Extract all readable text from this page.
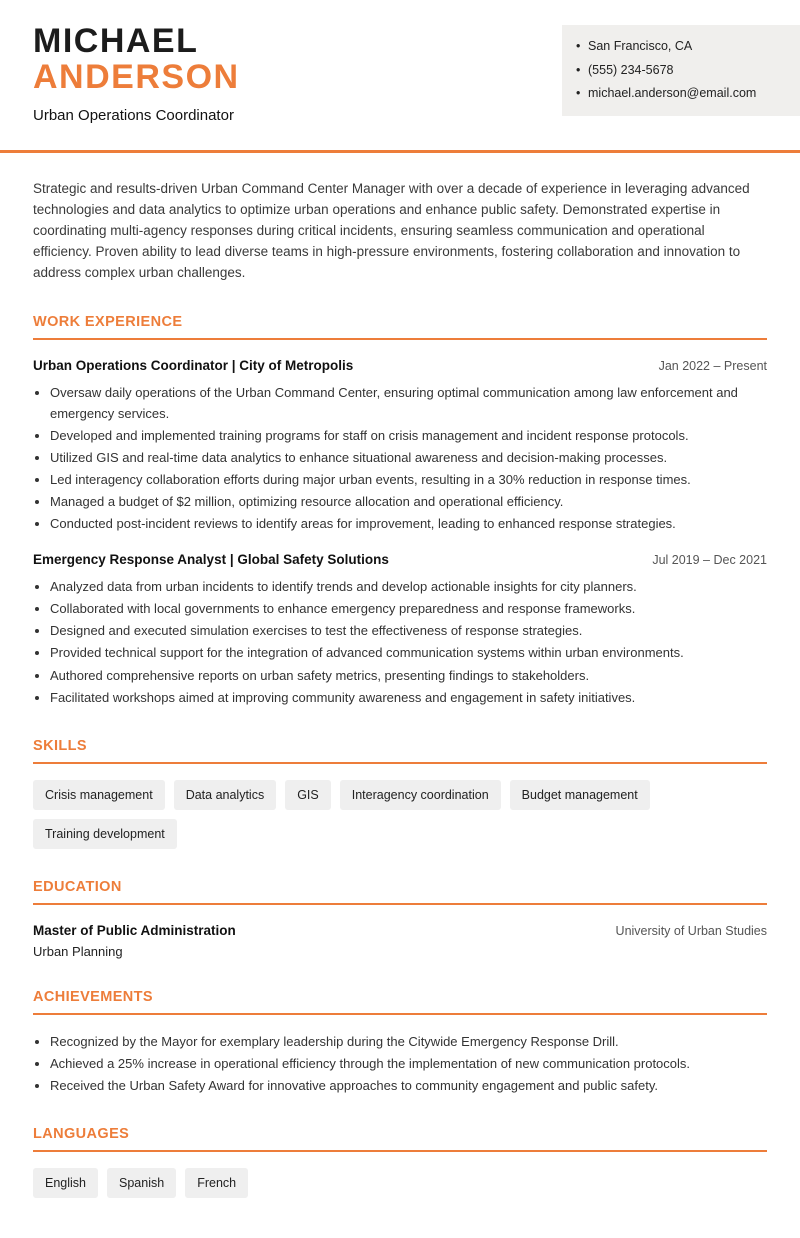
MICHAEL
ANDERSON
Urban Operations Coordinator
• San Francisco, CA
• (555) 234-5678
• michael.anderson@email.com

Strategic and results-driven Urban Command Center Manager with over a decade of experience in leveraging advanced technologies and data analytics to optimize urban operations and enhance public safety. Demonstrated expertise in coordinating multi-agency responses during critical incidents, ensuring seamless communication and operational efficiency. Proven ability to lead diverse teams in high-pressure environments, fostering collaboration and innovation to address complex urban challenges.

WORK EXPERIENCE
Urban Operations Coordinator | City of Metropolis	Jan 2022 – Present
• Oversaw daily operations of the Urban Command Center, ensuring optimal communication among law enforcement and emergency services.
• Developed and implemented training programs for staff on crisis management and incident response protocols.
• Utilized GIS and real-time data analytics to enhance situational awareness and decision-making processes.
• Led interagency collaboration efforts during major urban events, resulting in a 30% reduction in response times.
• Managed a budget of $2 million, optimizing resource allocation and operational efficiency.
• Conducted post-incident reviews to identify areas for improvement, leading to enhanced response strategies.
Emergency Response Analyst | Global Safety Solutions	Jul 2019 – Dec 2021
• Analyzed data from urban incidents to identify trends and develop actionable insights for city planners.
• Collaborated with local governments to enhance emergency preparedness and response frameworks.
• Designed and executed simulation exercises to test the effectiveness of response strategies.
• Provided technical support for the integration of advanced communication systems within urban environments.
• Authored comprehensive reports on urban safety metrics, presenting findings to stakeholders.
• Facilitated workshops aimed at improving community awareness and engagement in safety initiatives.
SKILLS
Crisis management	Data analytics	GIS	Interagency coordination	Budget management
Training development
EDUCATION
Master of Public Administration	University of Urban Studies
Urban Planning
ACHIEVEMENTS
• Recognized by the Mayor for exemplary leadership during the Citywide Emergency Response Drill.
• Achieved a 25% increase in operational efficiency through the implementation of new communication protocols.
• Received the Urban Safety Award for innovative approaches to community engagement and public safety.
LANGUAGES
English	Spanish	French
